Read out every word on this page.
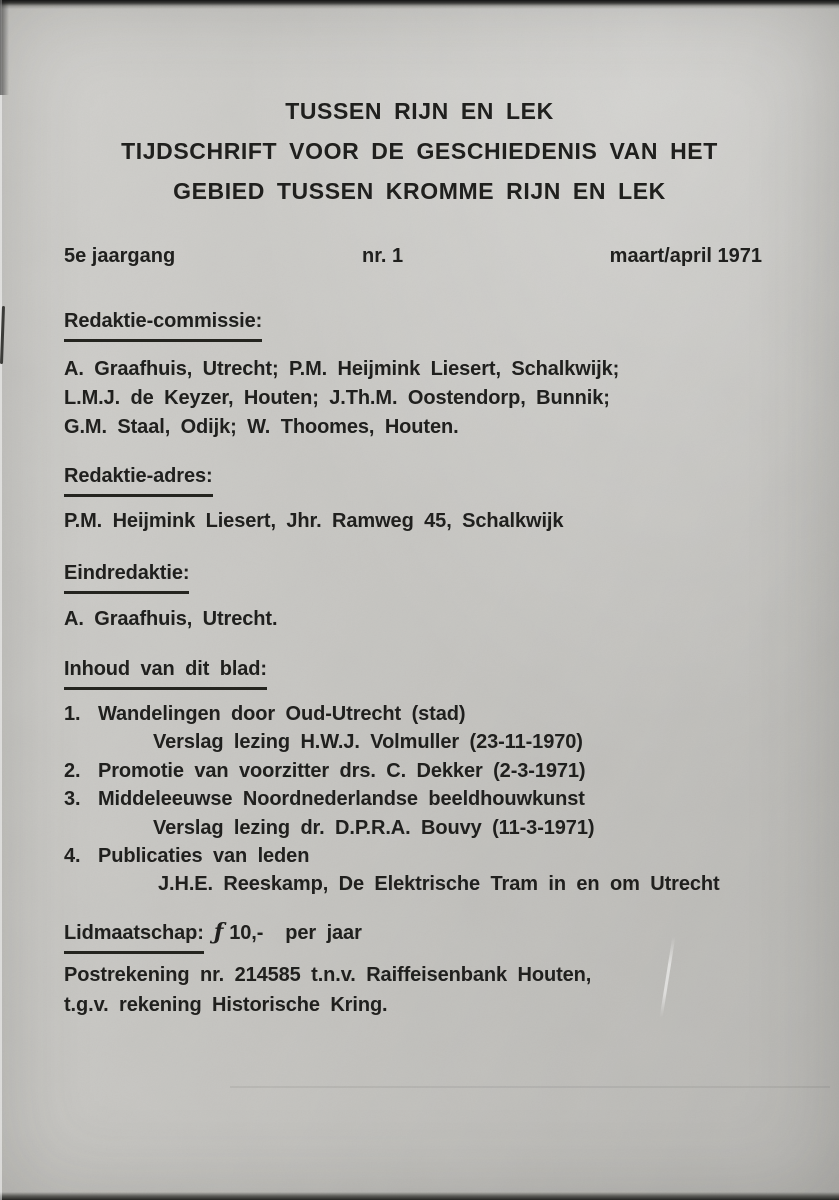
TUSSEN RIJN EN LEK
TIJDSCHRIFT VOOR DE GESCHIEDENIS VAN HET
GEBIED TUSSEN KROMME RIJN EN LEK
5e jaargang	nr. 1	maart/april 1971
Redaktie-commissie:
A. Graafhuis, Utrecht; P.M. Heijmink Liesert, Schalkwijk;
L.M.J. de Keyzer, Houten; J.Th.M. Oostendorp, Bunnik;
G.M. Staal, Odijk; W. Thoomes, Houten.
Redaktie-adres:
P.M. Heijmink Liesert, Jhr. Ramweg 45, Schalkwijk
Eindredaktie:
A. Graafhuis, Utrecht.
Inhoud van dit blad:
1. Wandelingen door Oud-Utrecht (stad)
Verslag lezing H.W.J. Volmuller (23-11-1970)
2. Promotie van voorzitter drs. C. Dekker (2-3-1971)
3. Middeleeuwse Noordnederlandse beeldhouwkunst
Verslag lezing dr. D.P.R.A. Bouvy (11-3-1971)
4. Publicaties van leden
J.H.E. Reeskamp, De Elektrische Tram in en om Utrecht
Lidmaatschap: ƒ 10,- per jaar
Postrekening nr. 214585 t.n.v. Raiffeisenbank Houten,
t.g.v. rekening Historische Kring.
